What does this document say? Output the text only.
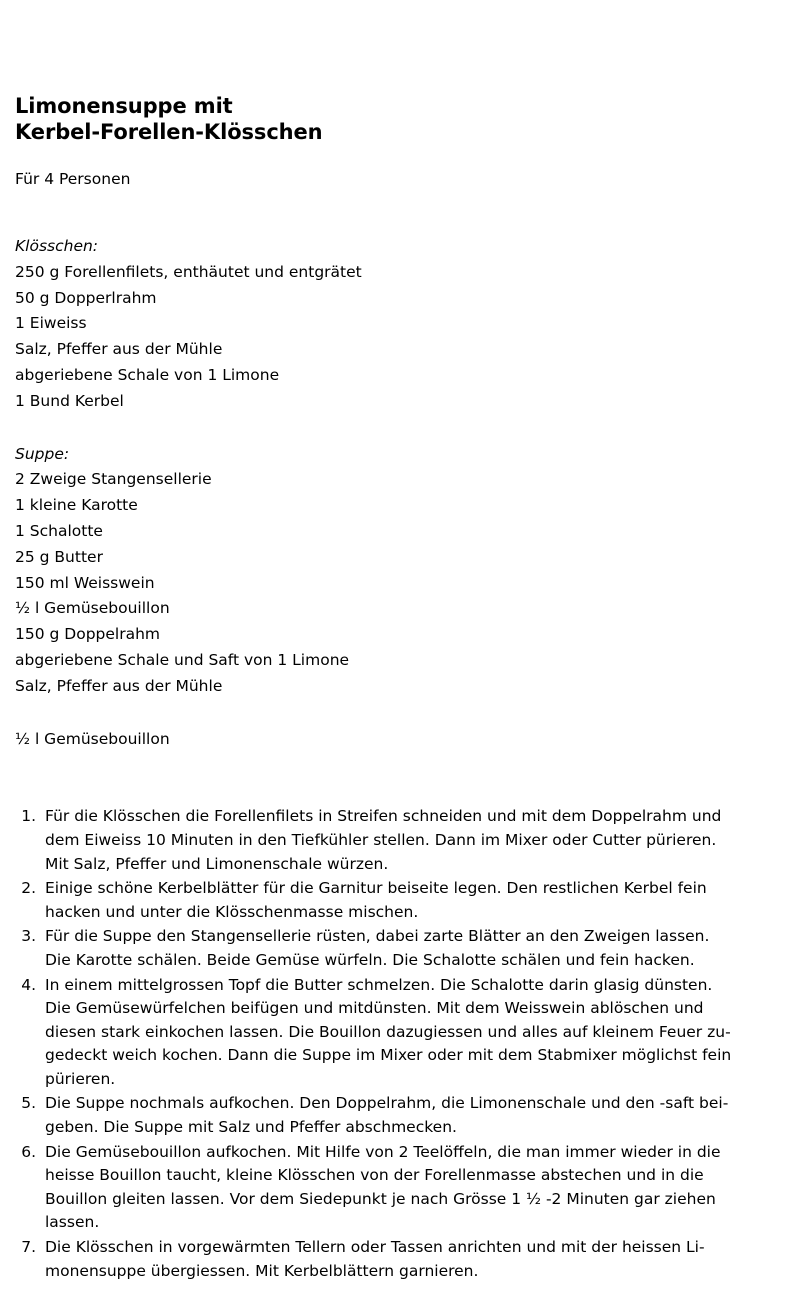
Limonensuppe mit
Kerbel-Forellen-Klösschen

Für 4 Personen

Klösschen:
250 g Forellenfilets, enthäutet und entgrätet
50 g Dopperlrahm
1 Eiweiss
Salz, Pfeffer aus der Mühle
abgeriebene Schale von 1 Limone
1 Bund Kerbel
Suppe:
2 Zweige Stangensellerie
1 kleine Karotte
1 Schalotte
25 g Butter
150 ml Weisswein
½ l Gemüsebouillon
150 g Doppelrahm
abgeriebene Schale und Saft von 1 Limone
Salz, Pfeffer aus der Mühle
½ l Gemüsebouillon
Für die Klösschen die Forellenfilets in Streifen schneiden und mit dem Doppelrahm und
dem Eiweiss 10 Minuten in den Tiefkühler stellen. Dann im Mixer oder Cutter pürieren.
Mit Salz, Pfeffer und Limonenschale würzen.
Einige schöne Kerbelblätter für die Garnitur beiseite legen. Den restlichen Kerbel fein
hacken und unter die Klösschenmasse mischen.
Für die Suppe den Stangensellerie rüsten, dabei zarte Blätter an den Zweigen lassen.
Die Karotte schälen. Beide Gemüse würfeln. Die Schalotte schälen und fein hacken.
In einem mittelgrossen Topf die Butter schmelzen. Die Schalotte darin glasig dünsten.
Die Gemüsewürfelchen beifügen und mitdünsten. Mit dem Weisswein ablöschen und
diesen stark einkochen lassen. Die Bouillon dazugiessen und alles auf kleinem Feuer zu-
gedeckt weich kochen. Dann die Suppe im Mixer oder mit dem Stabmixer möglichst fein
pürieren.
Die Suppe nochmals aufkochen. Den Doppelrahm, die Limonenschale und den -saft bei-
geben. Die Suppe mit Salz und Pfeffer abschmecken.
Die Gemüsebouillon aufkochen. Mit Hilfe von 2 Teelöffeln, die man immer wieder in die
heisse Bouillon taucht, kleine Klösschen von der Forellenmasse abstechen und in die
Bouillon gleiten lassen. Vor dem Siedepunkt je nach Grösse 1 ½ -2 Minuten gar ziehen
lassen.
Die Klösschen in vorgewärmten Tellern oder Tassen anrichten und mit der heissen Li-
monensuppe übergiessen. Mit Kerbelblättern garnieren.
